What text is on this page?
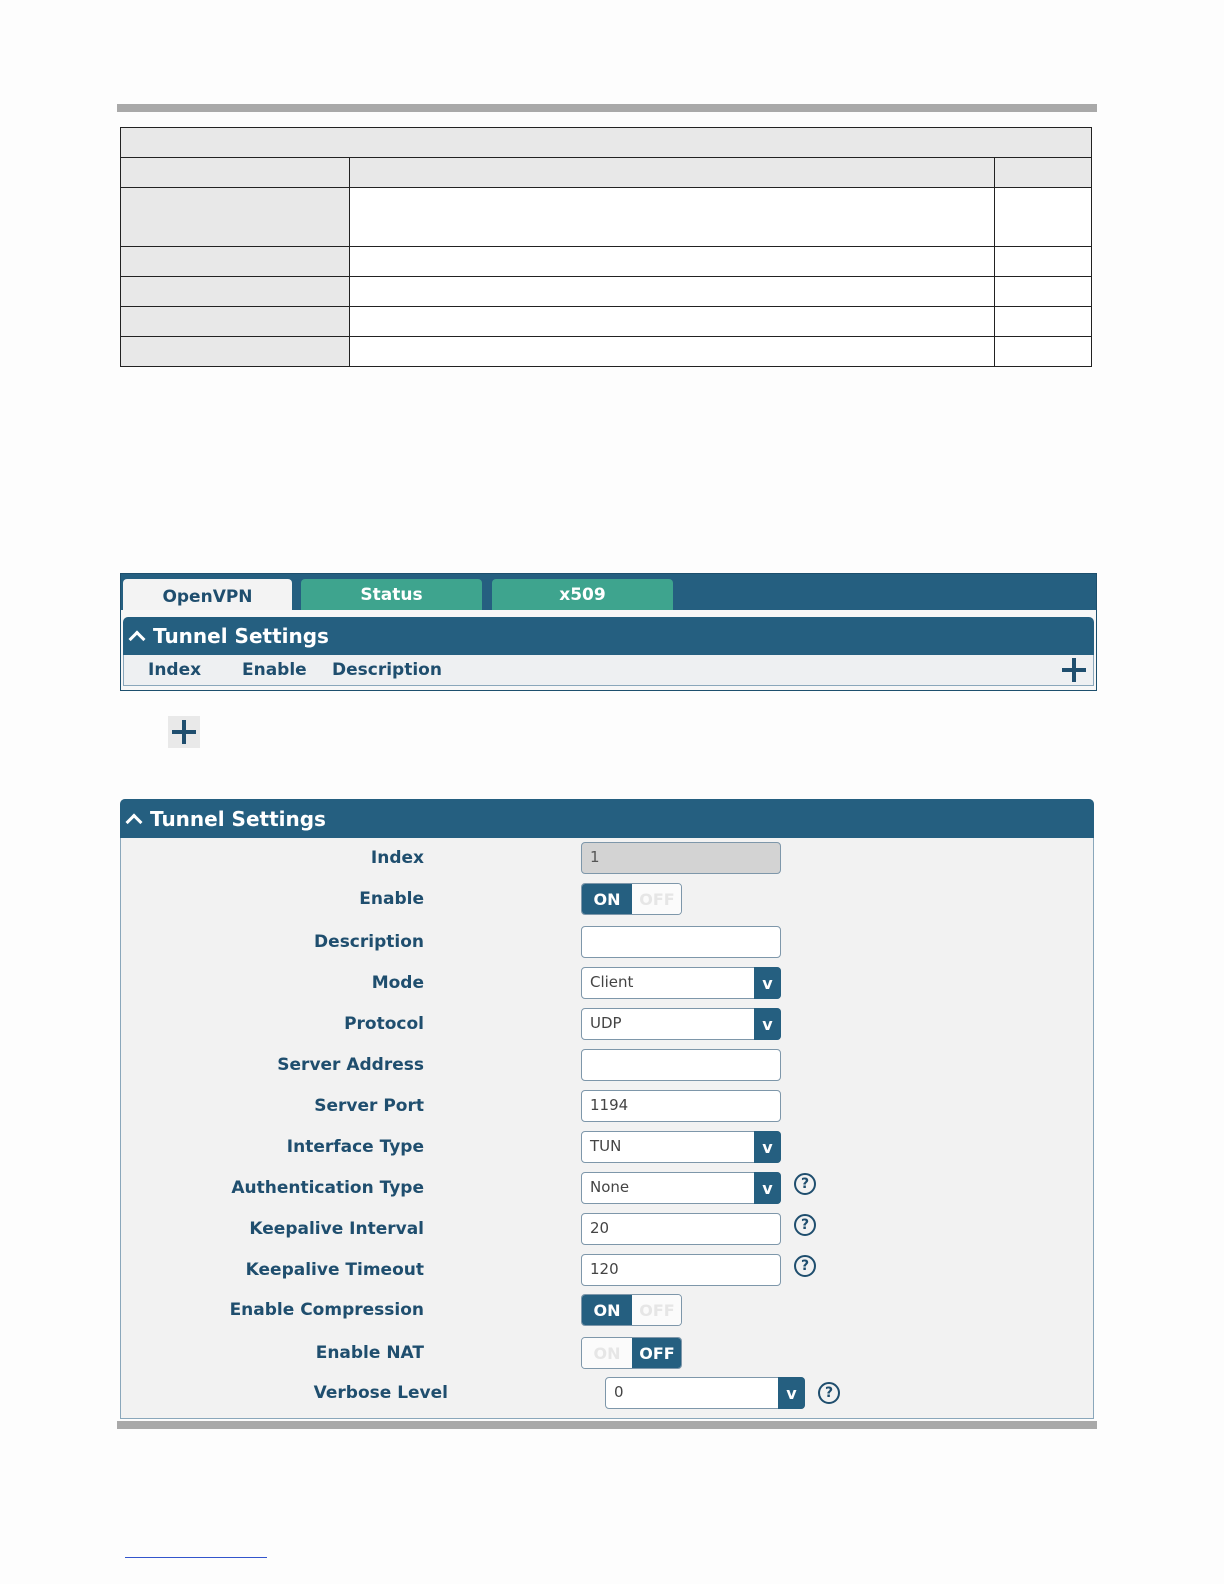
OpenVPN	Status	x509
Tunnel Settings
Index Enable Description
Tunnel Settings
Index	1
Enable	ON	OFF
Description
Mode	Client	v
Protocol	UDP	v
Server Address
Server Port	1194
Interface Type	TUN	v
Authentication Type	None	v	?
Keepalive Interval	20	?
Keepalive Timeout	120	?
Enable Compression	ON	OFF
Enable NAT	ON	OFF
Verbose Level	0	v	?
